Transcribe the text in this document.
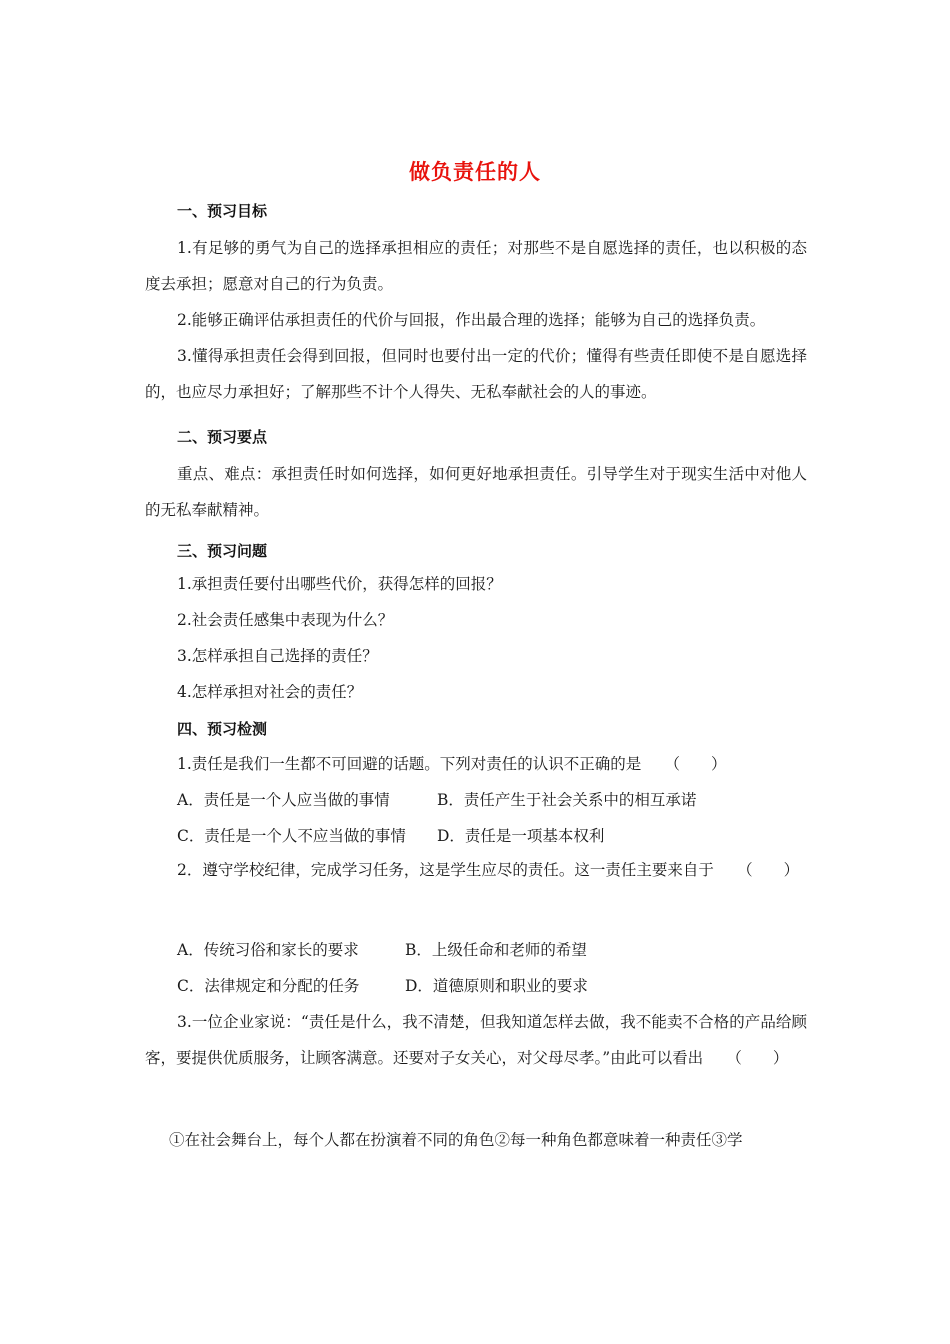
做负责任的人
一、预习目标
1.有足够的勇气为自己的选择承担相应的责任；对那些不是自愿选择的责任，也以积极的态度去承担；愿意对自己的行为负责。
2.能够正确评估承担责任的代价与回报，作出最合理的选择；能够为自己的选择负责。
3.懂得承担责任会得到回报，但同时也要付出一定的代价；懂得有些责任即使不是自愿选择的，也应尽力承担好；了解那些不计个人得失、无私奉献社会的人的事迹。
二、预习要点
重点、难点：承担责任时如何选择，如何更好地承担责任。引导学生对于现实生活中对他人的无私奉献精神。
三、预习问题
1.承担责任要付出哪些代价，获得怎样的回报？
2.社会责任感集中表现为什么？
3.怎样承担自己选择的责任？
4.怎样承担对社会的责任？
四、预习检测
1.责任是我们一生都不可回避的话题。下列对责任的认识不正确的是　　（　　）
A．责任是一个人应当做的事情	B．责任产生于社会关系中的相互承诺
C．责任是一个人不应当做的事情 D．责任是一项基本权利
2．遵守学校纪律，完成学习任务，这是学生应尽的责任。这一责任主要来自于　　（　　）
A．传统习俗和家长的要求	B．上级任命和老师的希望
C．法律规定和分配的任务	D．道德原则和职业的要求
3.一位企业家说：“责任是什么，我不清楚，但我知道怎样去做，我不能卖不合格的产品给顾客，要提供优质服务，让顾客满意。还要对子女关心，对父母尽孝。”由此可以看出　　（　　）
①在社会舞台上，每个人都在扮演着不同的角色②每一种角色都意味着一种责任③学
